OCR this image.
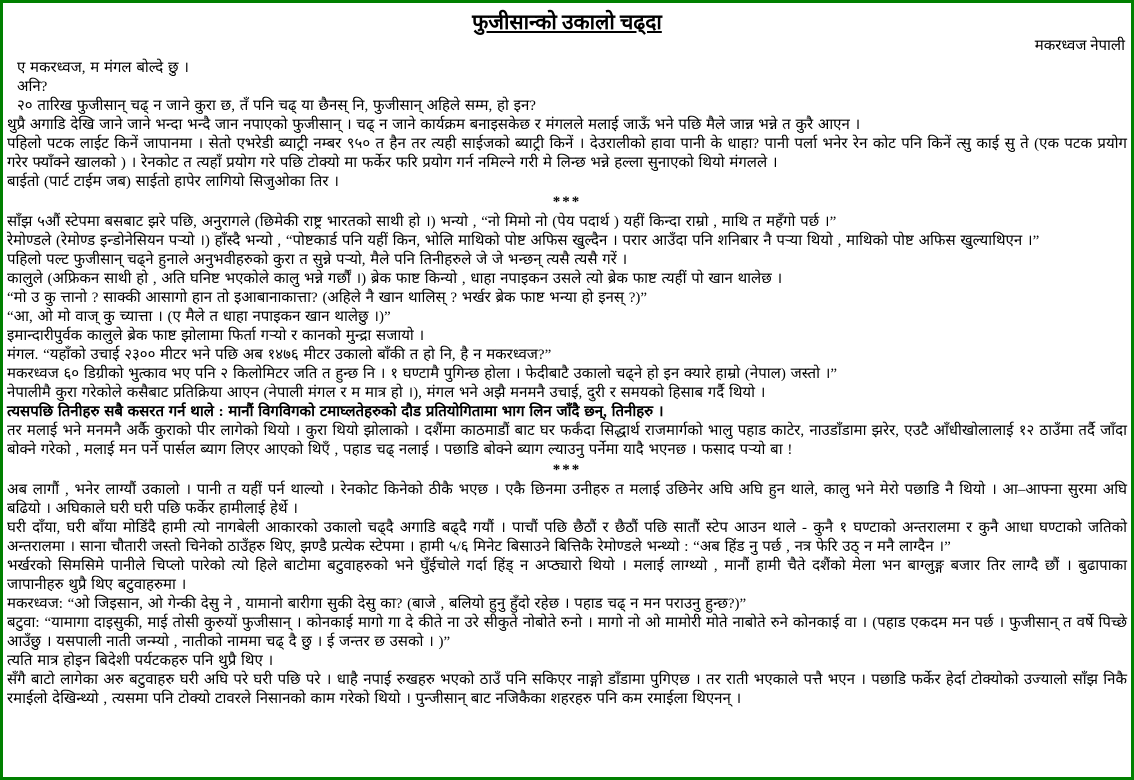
फुजीसान्को उकालो चढ्दा
मकरध्वज नेपाली

ए मकरध्वज, म मंगल बोल्दे छु ।

अनि?

२० तारिख फुजीसान् चढ् न जाने कुरा छ, तँ पनि चढ् या छैनस् नि, फुजीसान् अहिले सम्म, हो इन?

थुप्रै अगाडि देखि जाने जाने भन्दा भन्दै जान नपाएको फुजीसान् । चढ् न जाने कार्यक्रम बनाइसकेछ र मंगलले मलाई जाऊँ भने पछि मैले जान्न भन्ने त कुरै आएन ।

पहिलो पटक लाईट किनें जापानमा । सेतो एभरेडी ब्याट्री नम्बर ९५० त हैन तर त्यही साईजको ब्याट्री किनें । देउरालीको हावा पानी के धाहा? पानी पर्ला भनेर रेन कोट पनि किनें त्सु काई सु ते (एक पटक प्रयोग गरेर फ्याँक्ने खालको ) । रेनकोट त त्यहाँ प्रयोग गरे पछि टोक्यो मा फर्केर फरि प्रयोग गर्न नमिल्ने गरी मे लिन्छ भन्ने हल्ला सुनाएको थियो मंगलले ।

बाईतो (पार्ट टाईम जब) साईतो हापेर लागियो सिजुओका तिर ।

***

साँझ ५औं स्टेपमा बसबाट झरे पछि, अनुरागले (छिमेकी राष्ट्र भारतको साथी हो ।) भन्यो , “नो मिमो नो (पेय पदार्थ ) यहीं किन्दा राम्रो , माथि त महँगो पर्छ ।”

रेमोण्डले (रेमोण्ड इन्डोनेसियन पऱ्यो ।) हाँस्दै भन्यो , “पोष्टकार्ड पनि यहीं किन, भोलि माथिको पोष्ट अफिस खुल्दैन । परार आउँदा पनि शनिबार नै पऱ्या थियो , माथिको पोष्ट अफिस खुल्याथिएन ।”

पहिलो पल्ट फुजीसान् चढ्ने हुनाले अनुभवीहरुको कुरा त सुन्ने पऱ्यो, मैले पनि तिनीहरुले जे जे भन्छन् त्यसै त्यसै गरें ।

कालुले (अफ्रिकन साथी हो , अति घनिष्ट भएकोले कालु भन्ने गर्छौं ।) ब्रेक फाष्ट किन्यो , धाहा नपाइकन उसले त्यो ब्रेक फाष्ट त्यहीं पो खान थालेछ ।

“मो उ कु त्तानो ? साक्की आसागो हान तो इआबानाकात्ता? (अहिले नै खान थालिस् ? भर्खर ब्रेक फाष्ट भन्या हो इनस् ?)”

“आ, ओ मो वाज् कु च्यात्ता । (ए मैले त धाहा नपाइकन खान थालेछु ।)”

इमान्दारीपुर्वक कालुले ब्रेक फाष्ट झोलामा फिर्ता गऱ्यो र कानको मुन्द्रा सजायो ।

मंगल. “यहाँको उचाई २३०० मीटर भने पछि अब १४७६ मीटर उकालो बाँकी त हो नि, है न मकरध्वज?”

मकरध्वज ६० डिग्रीको भुत्काव भए पनि २ किलोमिटर जति त हुन्छ नि । १ घण्टामै पुगिन्छ होला । फेदीबाटै उकालो चढ्ने हो इन क्यारे हाम्रो (नेपाल) जस्तो ।”

नेपालीमै कुरा गरेकोले कसैबाट प्रतिक्रिया आएन (नेपाली मंगल र म मात्र हो ।), मंगल भने अझै मनमनै उचाई, दुरी र समयको हिसाब गर्दै थियो ।

त्यसपछि तिनीहरु सबै कसरत गर्न थाले : मानौं विगविगको टमाघ्लतेहरुको दौड प्रतियोगितामा भाग लिन जाँदै छन्, तिनीहरु ।

तर मलाई भने मनमनै अर्कै कुराको पीर लागेको थियो । कुरा थियो झोलाको । दशैंमा काठमाडौं बाट घर फर्कंदा सिद्धार्थ राजमार्गको भालु पहाड काटेर, नाउडाँडामा झरेर, एउटै आँधीखोलालाई १२ ठाउँमा तर्दै जाँदा बोक्ने गरेको , मलाई मन पर्ने पार्सल ब्याग लिएर आएको थिएँ , पहाड चढ् नलाई । पछाडि बोक्ने ब्याग ल्याउनु पर्नेमा यादै भएनछ । फसाद पऱ्यो बा !

***

अब लागौं , भनेर लाग्यौं उकालो । पानी त यहीं पर्न थाल्यो । रेनकोट किनेको ठीकै भएछ । एकै छिनमा उनीहरु त मलाई उछिनेर अघि अघि हुन थाले, कालु भने मेरो पछाडि नै थियो । आ–आफ्ना सुरमा अघि बढियो । अघिकाले घरी घरी पछि फर्केर हामीलाई हेर्थे ।

घरी दाँया, घरी बाँया मोडिंदै हामी त्यो नागबेली आकारको उकालो चढ्दै अगाडि बढ्दै गयौं । पाचौं पछि छैठौं र छैठौं पछि सातौं स्टेप आउन थाले - कुनै १ घण्टाको अन्तरालमा र कुनै आधा घण्टाको जतिको अन्तरालमा । साना चौतारी जस्तो चिनेको ठाउँहरु थिए, झण्डै प्रत्येक स्टेपमा । हामी ५/६ मिनेट बिसाउने बित्तिकै रेमोण्डले भन्थ्यो : “अब हिंड नु पर्छ , नत्र फेरि उठ् न मनै लाग्दैन ।”

भर्खरको सिमसिमे पानीले चिप्लो पारेको त्यो हिले बाटोमा बटुवाहरुको भने घुँईचोले गर्दा हिंड् न अप्ठ्यारो थियो । मलाई लाग्थ्यो , मानौं हामी चैते दशैंको मेला भन बाग्लुङ्ग बजार तिर लाग्दै छौं । बुढापाका जापानीहरु थुप्रै थिए बटुवाहरुमा ।

मकरध्वज: “ओ जिइसान, ओ गेन्की देसु ने , यामानो बारीगा सुकी देसु का? (बाजे , बलियो हुनु हुँदो रहेछ । पहाड चढ् न मन पराउनु हुन्छ?)”

बटुवा: “यामागा दाइसुकी, माई तोसी कुरुयों फुजीसान् । कोनकाई मागो गा दे कीते ना उरे सीकुते नोबोते रुनो । मागो नो ओ मामोरी मोते नाबोते रुने कोनकाई वा । (पहाड एकदम मन पर्छ । फुजीसान् त वर्षे पिच्छे आउँछु । यसपाली नाती जन्म्यो , नातीको नाममा चढ् दै छु । ई जन्तर छ उसको । )”

त्यति मात्र होइन बिदेशी पर्यटकहरु पनि थुप्रै थिए ।

सँगै बाटो लागेका अरु बटुवाहरु घरी अघि परे घरी पछि परे । धाहै नपाई रुखहरु भएको ठाउँ पनि सकिएर नाङ्गो डाँडामा पुगिएछ । तर राती भएकाले पत्तै भएन । पछाडि फर्केर हेर्दा टोक्योको उज्यालो साँझ निकै रमाईलो देखिन्थ्यो , त्यसमा पनि टोक्यो टावरले निसानको काम गरेको थियो । पुन्जीसान् बाट नजिकैका शहरहरु पनि कम रमाईला थिएनन् ।
